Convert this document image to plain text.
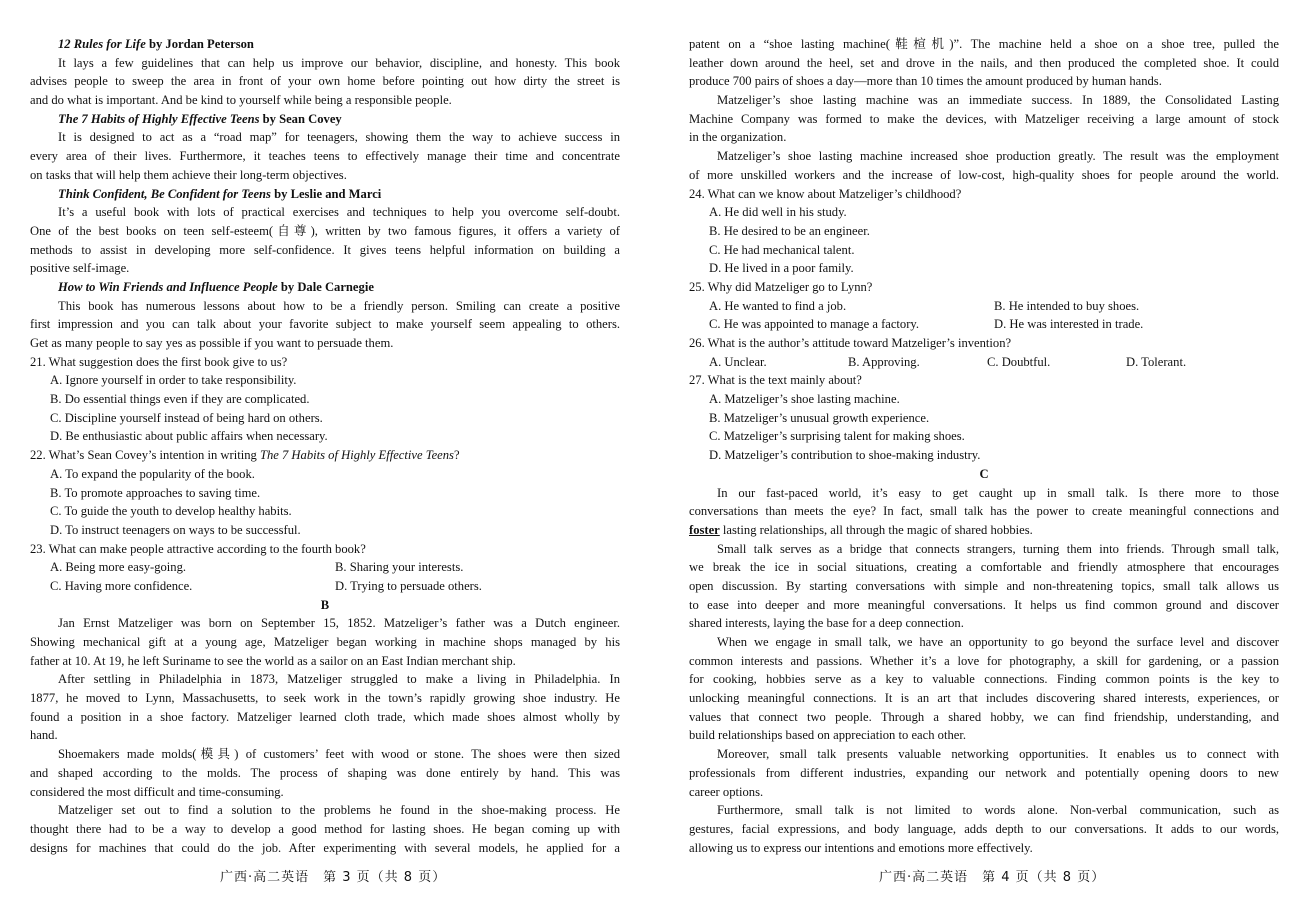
12 Rules for Life by Jordan Peterson
It lays a few guidelines that can help us improve our behavior, discipline, and honesty. This book
advises people to sweep the area in front of your own home before pointing out how dirty the street is
and do what is important. And be kind to yourself while being a responsible people.
The 7 Habits of Highly Effective Teens by Sean Covey
It is designed to act as a “road map” for teenagers, showing them the way to achieve success in
every area of their lives. Furthermore, it teaches teens to effectively manage their time and concentrate
on tasks that will help them achieve their long-term objectives.
Think Confident, Be Confident for Teens by Leslie and Marci
It’s a useful book with lots of practical exercises and techniques to help you overcome self-doubt.
One of the best books on teen self-esteem(自尊), written by two famous figures, it offers a variety of
methods to assist in developing more self-confidence. It gives teens helpful information on building a
positive self-image.
How to Win Friends and Influence People by Dale Carnegie
This book has numerous lessons about how to be a friendly person. Smiling can create a positive
first impression and you can talk about your favorite subject to make yourself seem appealing to others.
Get as many people to say yes as possible if you want to persuade them.
21. What suggestion does the first book give to us?
A. Ignore yourself in order to take responsibility.
B. Do essential things even if they are complicated.
C. Discipline yourself instead of being hard on others.
D. Be enthusiastic about public affairs when necessary.
22. What’s Sean Covey’s intention in writing The 7 Habits of Highly Effective Teens?
A. To expand the popularity of the book.
B. To promote approaches to saving time.
C. To guide the youth to develop healthy habits.
D. To instruct teenagers on ways to be successful.
23. What can make people attractive according to the fourth book?
A. Being more easy-going.	B. Sharing your interests.
C. Having more confidence.	D. Trying to persuade others.
B
Jan Ernst Matzeliger was born on September 15, 1852. Matzeliger’s father was a Dutch engineer.
Showing mechanical gift at a young age, Matzeliger began working in machine shops managed by his
father at 10. At 19, he left Suriname to see the world as a sailor on an East Indian merchant ship.
After settling in Philadelphia in 1873, Matzeliger struggled to make a living in Philadelphia. In
1877, he moved to Lynn, Massachusetts, to seek work in the town’s rapidly growing shoe industry. He
found a position in a shoe factory. Matzeliger learned cloth trade, which made shoes almost wholly by
hand.
Shoemakers made molds(模具) of customers’ feet with wood or stone. The shoes were then sized
and shaped according to the molds. The process of shaping was done entirely by hand. This was
considered the most difficult and time-consuming.
Matzeliger set out to find a solution to the problems he found in the shoe-making process. He
thought there had to be a way to develop a good method for lasting shoes. He began coming up with
designs for machines that could do the job. After experimenting with several models, he applied for a
patent on a “shoe lasting machine(鞋楦机)”. The machine held a shoe on a shoe tree, pulled the
leather down around the heel, set and drove in the nails, and then produced the completed shoe. It could
produce 700 pairs of shoes a day—more than 10 times the amount produced by human hands.
Matzeliger’s shoe lasting machine was an immediate success. In 1889, the Consolidated Lasting
Machine Company was formed to make the devices, with Matzeliger receiving a large amount of stock
in the organization.
Matzeliger’s shoe lasting machine increased shoe production greatly. The result was the employment
of more unskilled workers and the increase of low-cost, high-quality shoes for people around the world.
24. What can we know about Matzeliger’s childhood?
A. He did well in his study.
B. He desired to be an engineer.
C. He had mechanical talent.
D. He lived in a poor family.
25. Why did Matzeliger go to Lynn?
A. He wanted to find a job.	B. He intended to buy shoes.
C. He was appointed to manage a factory.	D. He was interested in trade.
26. What is the author’s attitude toward Matzeliger’s invention?
A. Unclear.	B. Approving.	C. Doubtful.	D. Tolerant.
27. What is the text mainly about?
A. Matzeliger’s shoe lasting machine.
B. Matzeliger’s unusual growth experience.
C. Matzeliger’s surprising talent for making shoes.
D. Matzeliger’s contribution to shoe-making industry.
C
In our fast-paced world, it’s easy to get caught up in small talk. Is there more to those
conversations than meets the eye? In fact, small talk has the power to create meaningful connections and
foster lasting relationships, all through the magic of shared hobbies.
Small talk serves as a bridge that connects strangers, turning them into friends. Through small talk,
we break the ice in social situations, creating a comfortable and friendly atmosphere that encourages
open discussion. By starting conversations with simple and non-threatening topics, small talk allows us
to ease into deeper and more meaningful conversations. It helps us find common ground and discover
shared interests, laying the base for a deep connection.
When we engage in small talk, we have an opportunity to go beyond the surface level and discover
common interests and passions. Whether it’s a love for photography, a skill for gardening, or a passion
for cooking, hobbies serve as a key to valuable connections. Finding common points is the key to
unlocking meaningful connections. It is an art that includes discovering shared interests, experiences, or
values that connect two people. Through a shared hobby, we can find friendship, understanding, and
build relationships based on appreciation to each other.
Moreover, small talk presents valuable networking opportunities. It enables us to connect with
professionals from different industries, expanding our network and potentially opening doors to new
career options.
Furthermore, small talk is not limited to words alone. Non-verbal communication, such as
gestures, facial expressions, and body language, adds depth to our conversations. It adds to our words,
allowing us to express our intentions and emotions more effectively.
广西·高二英语　第 3 页（共 8 页）	广西·高二英语　第 4 页（共 8 页）
